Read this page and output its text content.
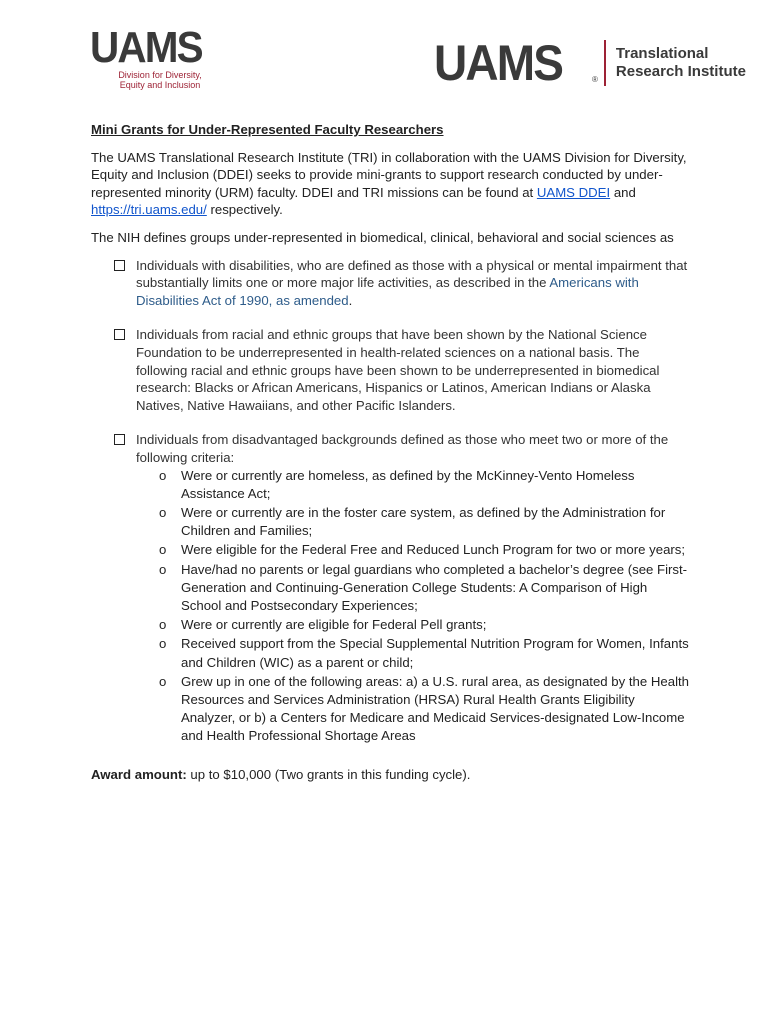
UAMS
Division for Diversity, Equity and Inclusion	UAMS	®
Translational
Research Institute
Mini Grants for Under-Represented Faculty Researchers

The UAMS Translational Research Institute (TRI) in collaboration with the UAMS Division for Diversity, Equity and Inclusion (DDEI) seeks to provide mini-grants to support research conducted by under-represented minority (URM) faculty. DDEI and TRI missions can be found at UAMS DDEI and https://tri.uams.edu/ respectively.

The NIH defines groups under-represented in biomedical, clinical, behavioral and social sciences as

Individuals with disabilities, who are defined as those with a physical or mental impairment that substantially limits one or more major life activities, as described in the Americans with Disabilities Act of 1990, as amended.
Individuals from racial and ethnic groups that have been shown by the National Science Foundation to be underrepresented in health-related sciences on a national basis. The following racial and ethnic groups have been shown to be underrepresented in biomedical research: Blacks or African Americans, Hispanics or Latinos, American Indians or Alaska Natives, Native Hawaiians, and other Pacific Islanders.
Individuals from disadvantaged backgrounds defined as those who meet two or more of the following criteria:
o Were or currently are homeless, as defined by the McKinney-Vento Homeless Assistance Act;
o Were or currently are in the foster care system, as defined by the Administration for Children and Families;
o Were eligible for the Federal Free and Reduced Lunch Program for two or more years;
o Have/had no parents or legal guardians who completed a bachelor’s degree (see First-Generation and Continuing-Generation College Students: A Comparison of High School and Postsecondary Experiences;
o Were or currently are eligible for Federal Pell grants;
o Received support from the Special Supplemental Nutrition Program for Women, Infants and Children (WIC) as a parent or child;
o Grew up in one of the following areas: a) a U.S. rural area, as designated by the Health Resources and Services Administration (HRSA) Rural Health Grants Eligibility Analyzer, or b) a Centers for Medicare and Medicaid Services-designated Low-Income and Health Professional Shortage Areas

Award amount: up to $10,000 (Two grants in this funding cycle).
